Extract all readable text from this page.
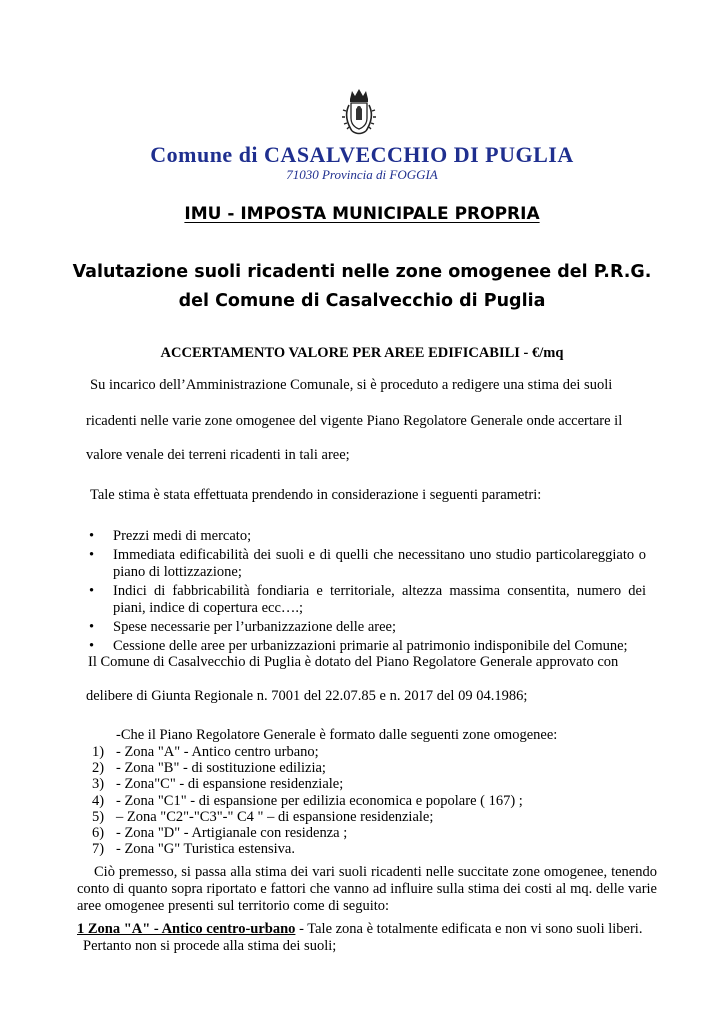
Comune di CASALVECCHIO DI PUGLIA
71030 Provincia di FOGGIA
IMU - IMPOSTA MUNICIPALE PROPRIA
Valutazione suoli ricadenti nelle zone omogenee del P.R.G.
del Comune di Casalvecchio di Puglia
ACCERTAMENTO VALORE PER AREE EDIFICABILI - €/mq
Su incarico dell’Amministrazione Comunale, si è proceduto a redigere una stima dei suoli
ricadenti nelle varie zone omogenee del vigente Piano Regolatore Generale onde accertare il
valore venale dei terreni ricadenti in tali aree;
Tale stima è stata effettuata prendendo in considerazione i seguenti parametri:
• Prezzi medi di mercato;
• Immediata edificabilità dei suoli e di quelli che necessitano uno studio particolareggiato o piano di lottizzazione;
• Indici di fabbricabilità fondiaria e territoriale, altezza massima consentita, numero dei piani, indice di copertura ecc….;
• Spese necessarie per l’urbanizzazione delle aree;
• Cessione delle aree per urbanizzazioni primarie al patrimonio indisponibile del Comune;
Il Comune di Casalvecchio di Puglia è dotato del Piano Regolatore Generale approvato con
delibere di Giunta Regionale n. 7001 del 22.07.85 e n. 2017 del 09 04.1986;
-Che il Piano Regolatore Generale è formato dalle seguenti zone omogenee:
1) - Zona "A" - Antico centro urbano;
2) - Zona "B" - di sostituzione edilizia;
3) - Zona"C" - di espansione residenziale;
4) - Zona "C1" - di espansione per edilizia economica e popolare ( 167) ;
5) – Zona "C2"-"C3"-" C4 " – di espansione residenziale;
6) - Zona "D" - Artigianale con residenza ;
7) - Zona "G" Turistica estensiva.
Ciò premesso, si passa alla stima dei vari suoli ricadenti nelle succitate zone omogenee, tenendo conto di quanto sopra riportato e fattori che vanno ad influire sulla stima dei costi al mq. delle varie aree omogenee presenti sul territorio come di seguito:
1 Zona "A" - Antico centro-urbano - Tale zona è totalmente edificata e non vi sono suoli liberi.
Pertanto non si procede alla stima dei suoli;
